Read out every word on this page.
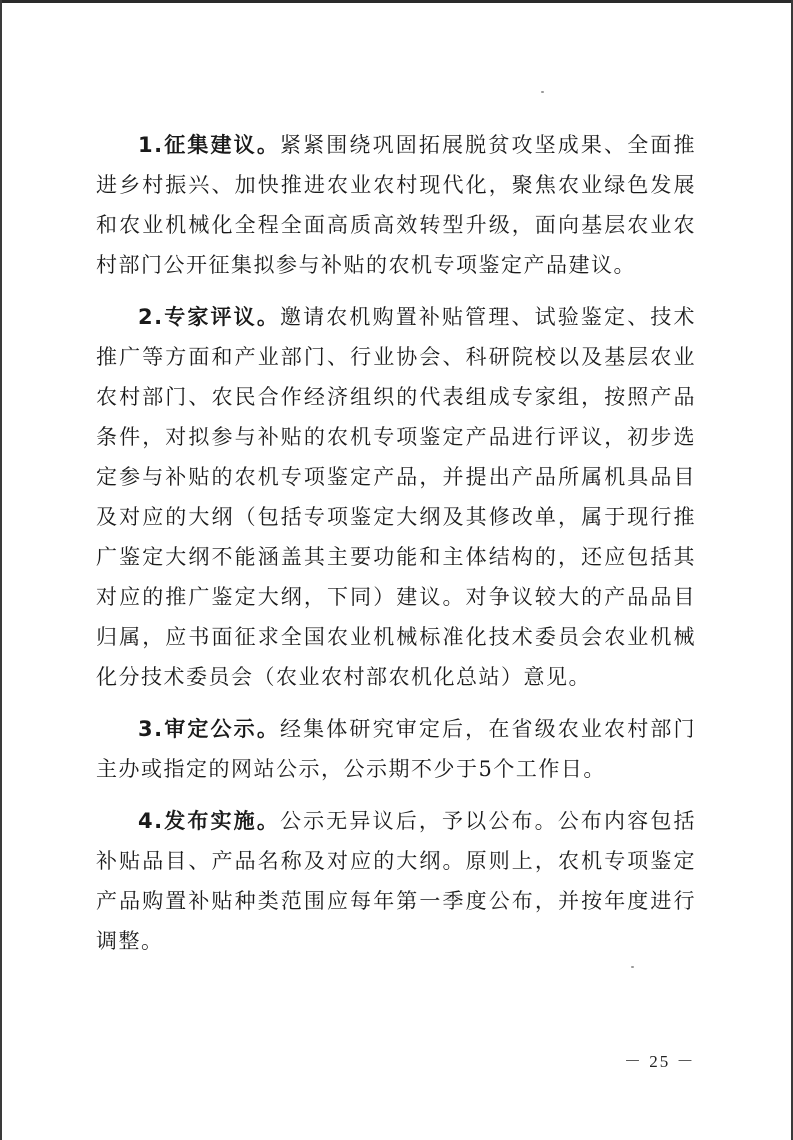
1.征集建议。紧紧围绕巩固拓展脱贫攻坚成果、全面推进乡村振兴、加快推进农业农村现代化，聚焦农业绿色发展和农业机械化全程全面高质高效转型升级，面向基层农业农村部门公开征集拟参与补贴的农机专项鉴定产品建议。

2.专家评议。邀请农机购置补贴管理、试验鉴定、技术推广等方面和产业部门、行业协会、科研院校以及基层农业农村部门、农民合作经济组织的代表组成专家组，按照产品条件，对拟参与补贴的农机专项鉴定产品进行评议，初步选定参与补贴的农机专项鉴定产品，并提出产品所属机具品目及对应的大纲（包括专项鉴定大纲及其修改单，属于现行推广鉴定大纲不能涵盖其主要功能和主体结构的，还应包括其对应的推广鉴定大纲，下同）建议。对争议较大的产品品目归属，应书面征求全国农业机械标准化技术委员会农业机械化分技术委员会（农业农村部农机化总站）意见。

3.审定公示。经集体研究审定后，在省级农业农村部门主办或指定的网站公示，公示期不少于5个工作日。

4.发布实施。公示无异议后，予以公布。公布内容包括补贴品目、产品名称及对应的大纲。原则上，农机专项鉴定产品购置补贴种类范围应每年第一季度公布，并按年度进行调整。

－ 25 －
